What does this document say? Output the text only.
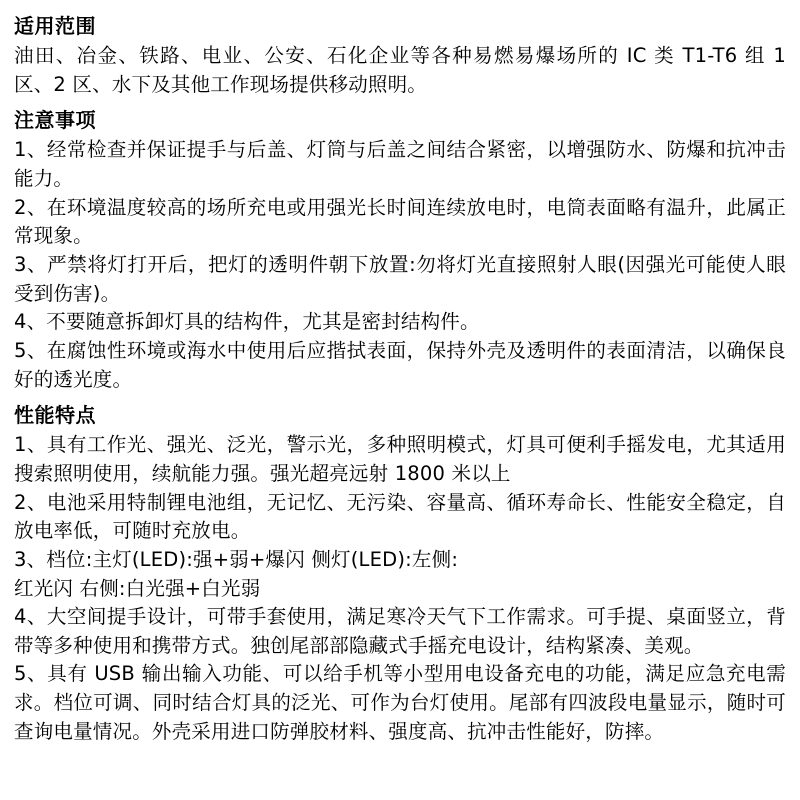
适用范围

油田、冶金、铁路、电业、公安、石化企业等各种易燃易爆场所的 IC 类 T1-T6 组 1 区、2 区、水下及其他工作现场提供移动照明。

注意事项

1、经常检查并保证提手与后盖、灯筒与后盖之间结合紧密，以增强防水、防爆和抗冲击能力。

2、在环境温度较高的场所充电或用强光长时间连续放电时，电筒表面略有温升，此属正常现象。

3、严禁将灯打开后，把灯的透明件朝下放置:勿将灯光直接照射人眼(因强光可能使人眼受到伤害)。

4、不要随意拆卸灯具的结构件，尤其是密封结构件。

5、在腐蚀性环境或海水中使用后应揩拭表面，保持外壳及透明件的表面清洁，以确保良好的透光度。

性能特点

1、具有工作光、强光、泛光，警示光，多种照明模式，灯具可便利手摇发电，尤其适用搜索照明使用，续航能力强。强光超亮远射 1800 米以上

2、电池采用特制锂电池组，无记忆、无污染、容量高、循环寿命长、性能安全稳定，自放电率低，可随时充放电。

3、档位:主灯(LED):强+弱+爆闪 侧灯(LED):左侧:

红光闪 右侧:白光强+白光弱

4、大空间提手设计，可带手套使用，满足寒冷天气下工作需求。可手提、桌面竖立，背带等多种使用和携带方式。独创尾部部隐藏式手摇充电设计，结构紧凑、美观。

5、具有 USB 输出输入功能、可以给手机等小型用电设备充电的功能，满足应急充电需求。档位可调、同时结合灯具的泛光、可作为台灯使用。尾部有四波段电量显示，随时可查询电量情况。外壳采用进口防弹胶材料、强度高、抗冲击性能好，防摔。
